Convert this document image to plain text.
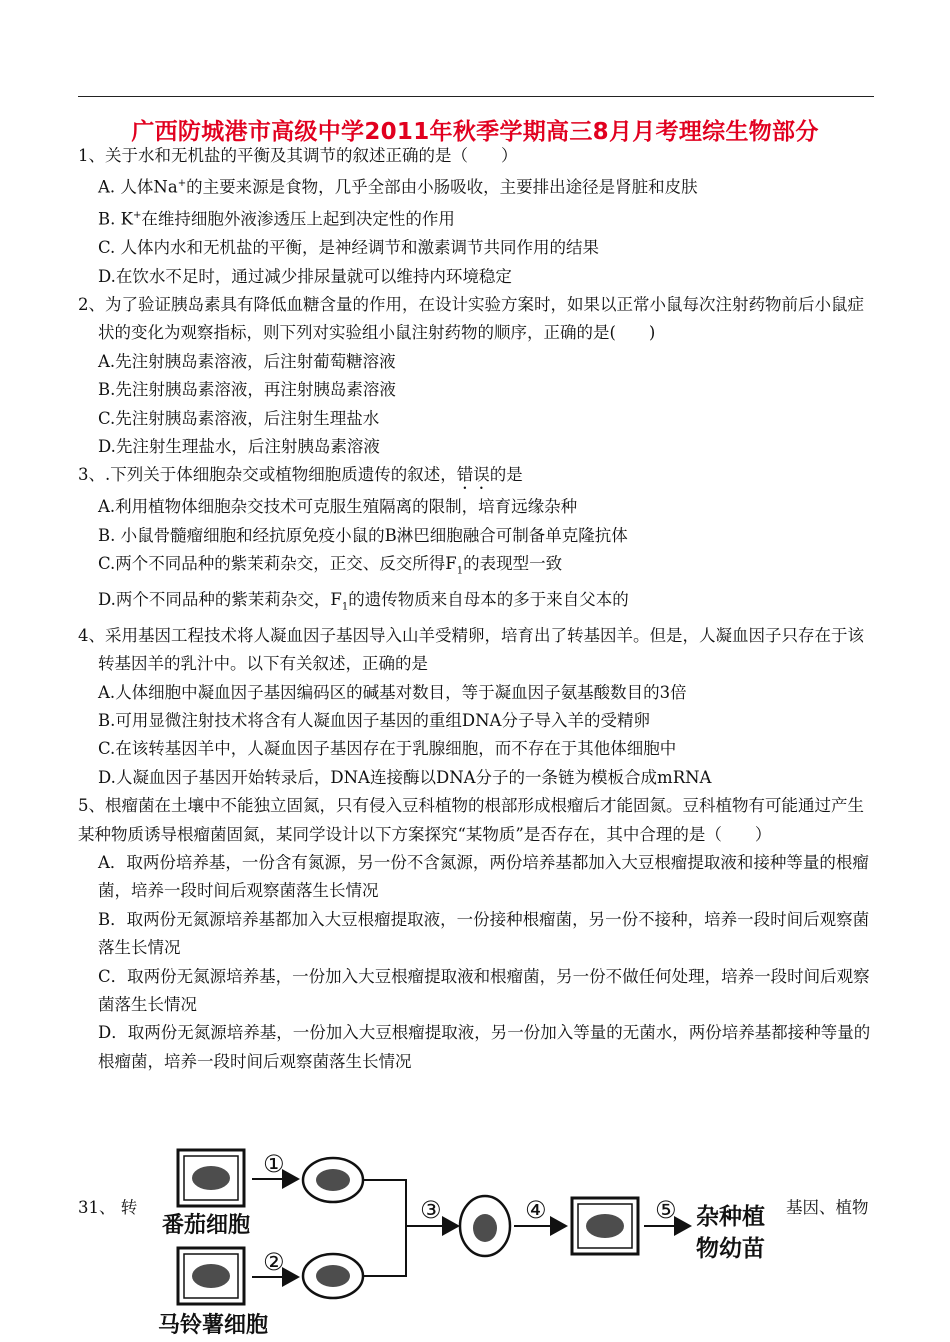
广西防城港市高级中学2011年秋季学期高三8月月考理综生物部分
1、关于水和无机盐的平衡及其调节的叙述正确的是（　　）
A. 人体Na+的主要来源是食物，几乎全部由小肠吸收，主要排出途径是肾脏和皮肤
B. K+在维持细胞外液渗透压上起到决定性的作用
C. 人体内水和无机盐的平衡，是神经调节和激素调节共同作用的结果
D.在饮水不足时，通过减少排尿量就可以维持内环境稳定
2、为了验证胰岛素具有降低血糖含量的作用，在设计实验方案时，如果以正常小鼠每次注射药物前后小鼠症状的变化为观察指标，则下列对实验组小鼠注射药物的顺序，正确的是(　　)
A.先注射胰岛素溶液，后注射葡萄糖溶液
B.先注射胰岛素溶液，再注射胰岛素溶液
C.先注射胰岛素溶液，后注射生理盐水
D.先注射生理盐水，后注射胰岛素溶液
3、.下列关于体细胞杂交或植物细胞质遗传的叙述，错误的是
A.利用植物体细胞杂交技术可克服生殖隔离的限制，培育远缘杂种
B. 小鼠骨髓瘤细胞和经抗原免疫小鼠的B淋巴细胞融合可制备单克隆抗体
C.两个不同品种的紫茉莉杂交，正交、反交所得$F_1$的表现型一致
D.两个不同品种的紫茉莉杂交，$F_1$的遗传物质来自母本的多于来自父本的
4、采用基因工程技术将人凝血因子基因导入山羊受精卵，培育出了转基因羊。但是，人凝血因子只存在于该转基因羊的乳汁中。以下有关叙述，正确的是
A.人体细胞中凝血因子基因编码区的碱基对数目，等于凝血因子氨基酸数目的3倍
B.可用显微注射技术将含有人凝血因子基因的重组DNA分子导入羊的受精卵
C.在该转基因羊中，人凝血因子基因存在于乳腺细胞，而不存在于其他体细胞中
D.人凝血因子基因开始转录后，DNA连接酶以DNA分子的一条链为模板合成mRNA
5、根瘤菌在土壤中不能独立固氮，只有侵入豆科植物的根部形成根瘤后才能固氮。豆科植物有可能通过产生某种物质诱导根瘤菌固氮，某同学设计以下方案探究“某物质”是否存在，其中合理的是（　　）
A．取两份培养基，一份含有氮源，另一份不含氮源，两份培养基都加入大豆根瘤提取液和接种等量的根瘤菌，培养一段时间后观察菌落生长情况
B．取两份无氮源培养基都加入大豆根瘤提取液，一份接种根瘤菌，另一份不接种，培养一段时间后观察菌落生长情况
C．取两份无氮源培养基，一份加入大豆根瘤提取液和根瘤菌，另一份不做任何处理，培养一段时间后观察菌落生长情况
D．取两份无氮源培养基，一份加入大豆根瘤提取液，另一份加入等量的无菌水，两份培养基都接种等量的根瘤菌，培养一段时间后观察菌落生长情况
31、 转	基因、植物
番茄细胞
①
马铃薯细胞
②
③	④	⑤ 杂种植
物幼苗
